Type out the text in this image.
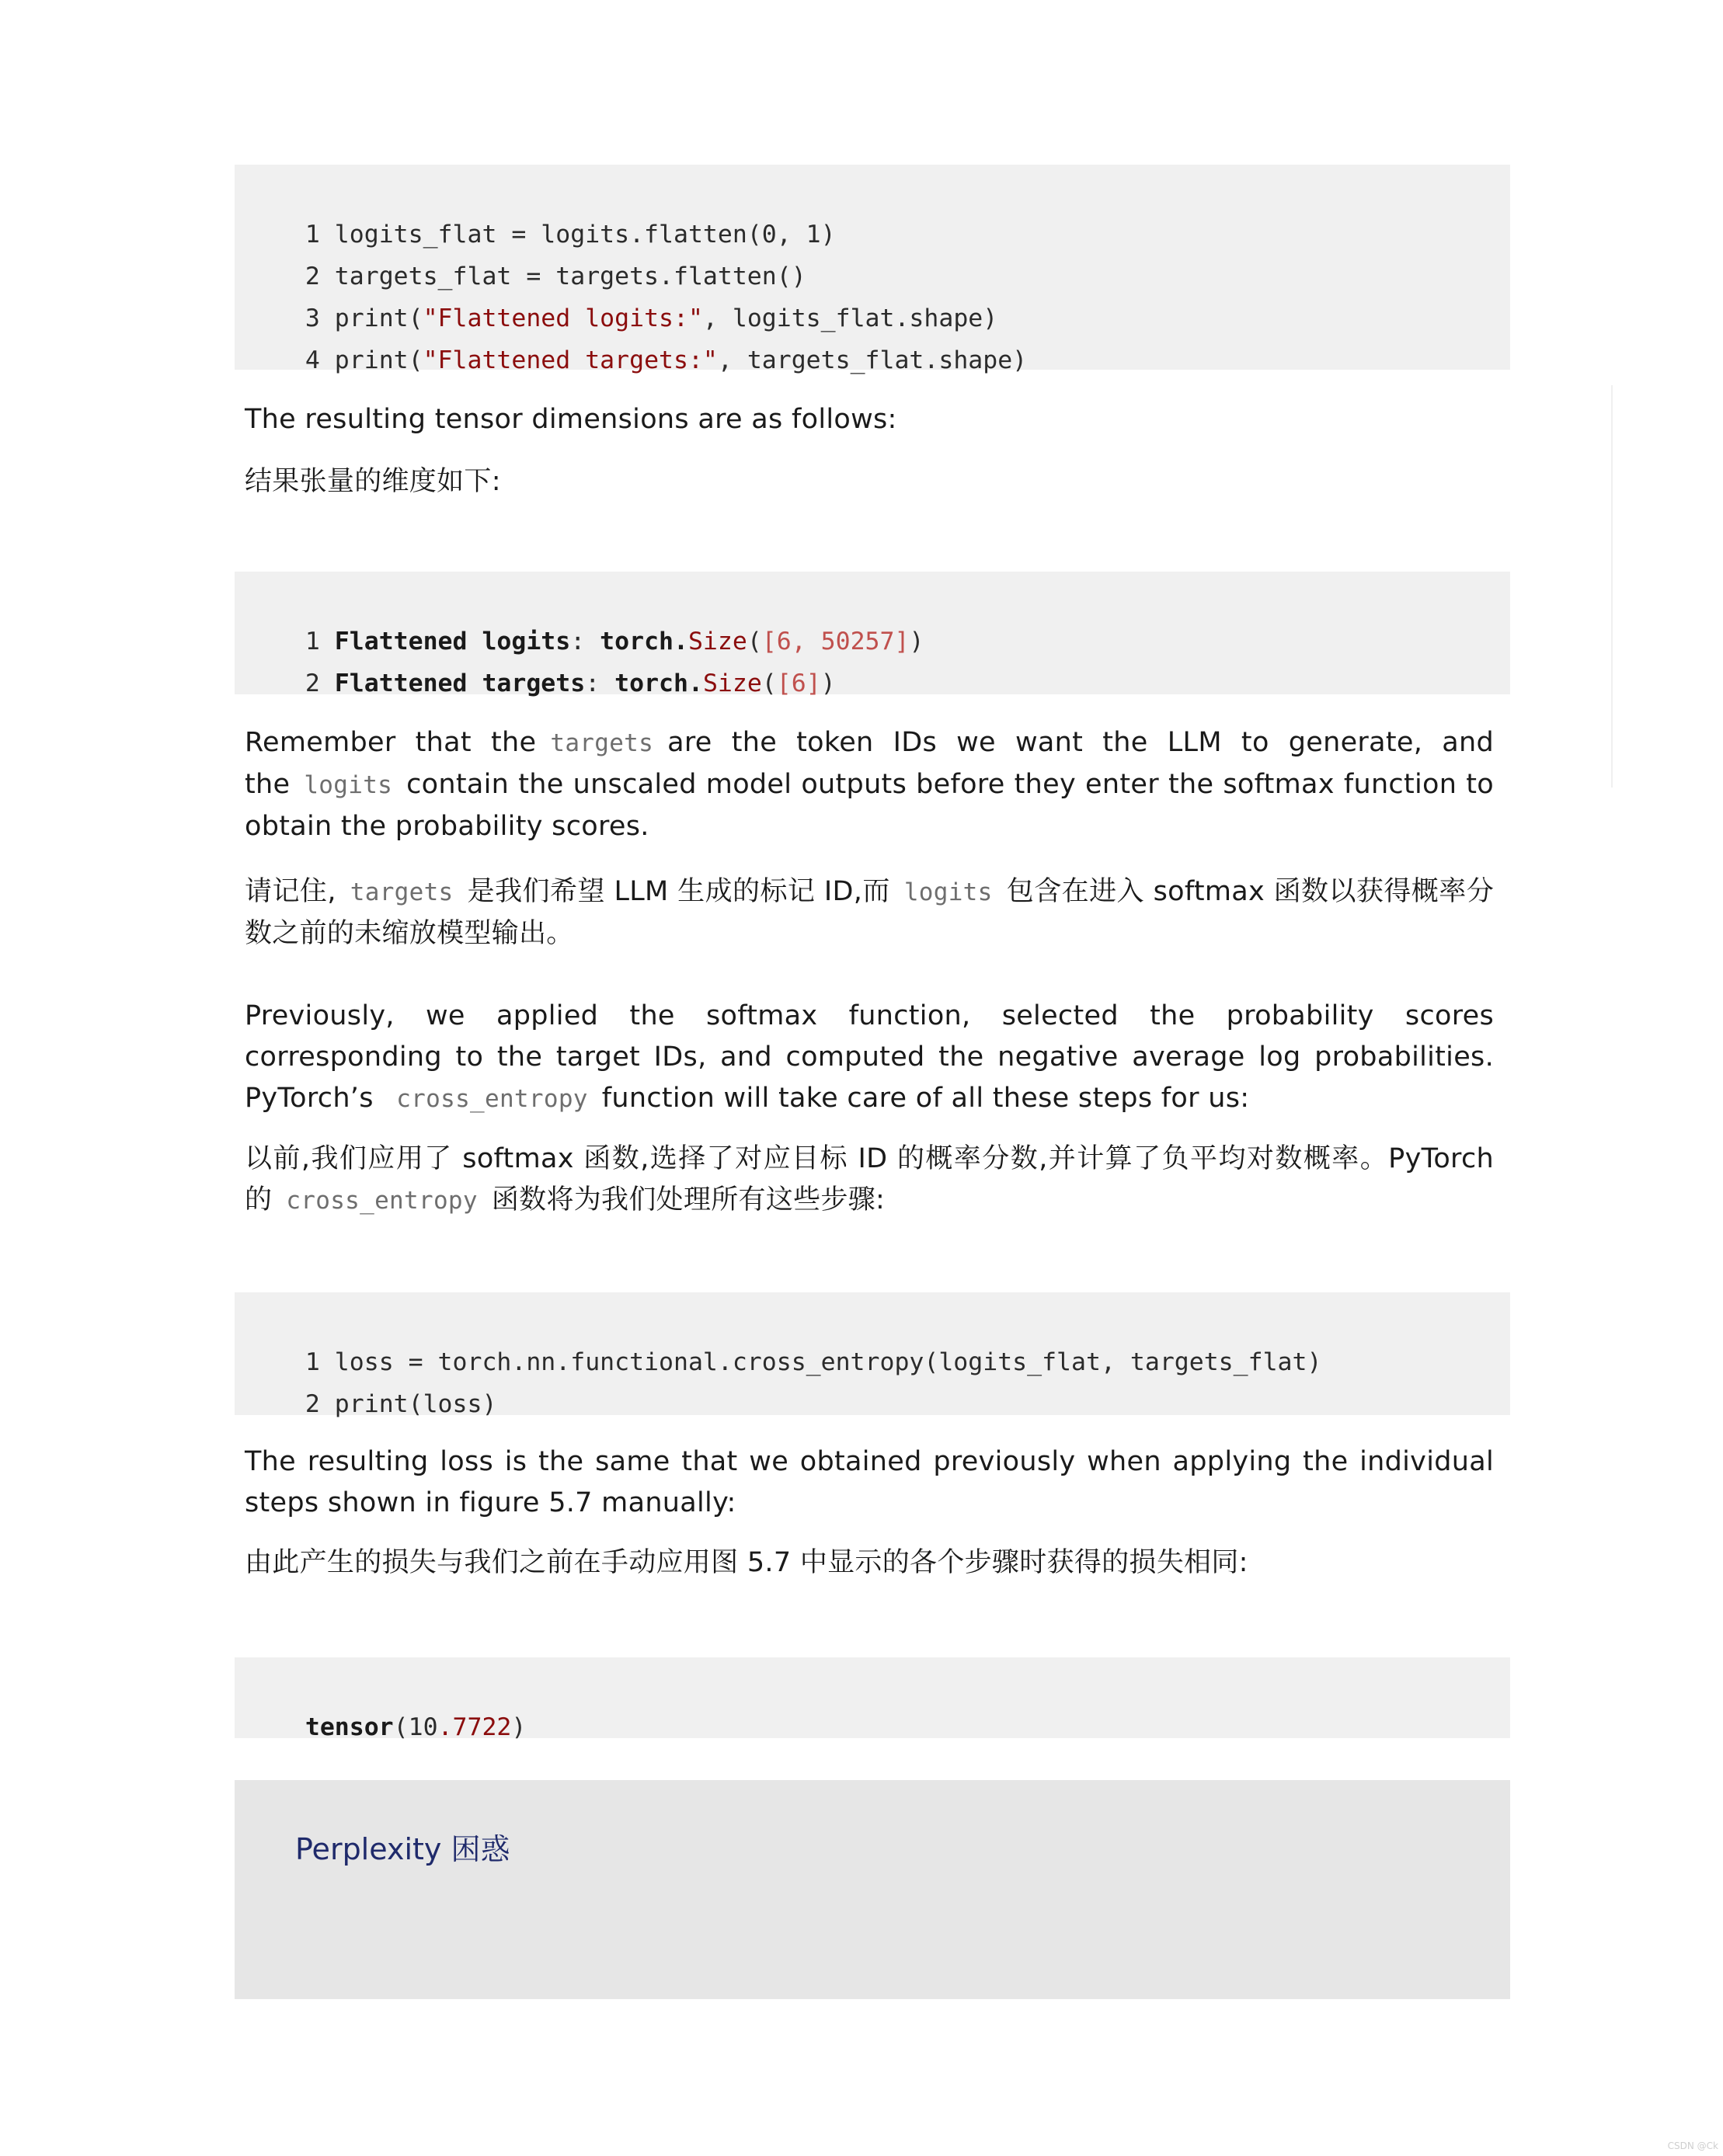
1 logits_flat = logits.flatten(0, 1)

2 targets_flat = targets.flatten()

3 print("Flattened logits:", logits_flat.shape)

4 print("Flattened targets:", targets_flat.shape)

The resulting tensor dimensions are as follows:
结果张量的维度如下:

1 Flattened logits: torch.Size([6, 50257])

2 Flattened targets: torch.Size([6])

Remember that the targets are the token IDs we want the LLM to generate, and the logits contain the unscaled model outputs before they enter the softmax function to obtain the probability scores.
请记住, targets 是我们希望 LLM 生成的标记 ID,而 logits 包含在进入 softmax 函数以获得概率分数之前的未缩放模型输出。
Previously, we applied the softmax function, selected the probability scores corresponding to the target IDs, and computed the negative average log probabilities. PyTorch’s cross_entropy function will take care of all these steps for us:
以前,我们应用了 softmax 函数,选择了对应目标 ID 的概率分数,并计算了负平均对数概率。PyTorch 的 cross_entropy 函数将为我们处理所有这些步骤:

1 loss = torch.nn.functional.cross_entropy(logits_flat, targets_flat)

2 print(loss)

The resulting loss is the same that we obtained previously when applying the individual steps shown in figure 5.7 manually:
由此产生的损失与我们之前在手动应用图 5.7 中显示的各个步骤时获得的损失相同:

tensor(10.7722)

Perplexity 困惑
CSDN @Ck
